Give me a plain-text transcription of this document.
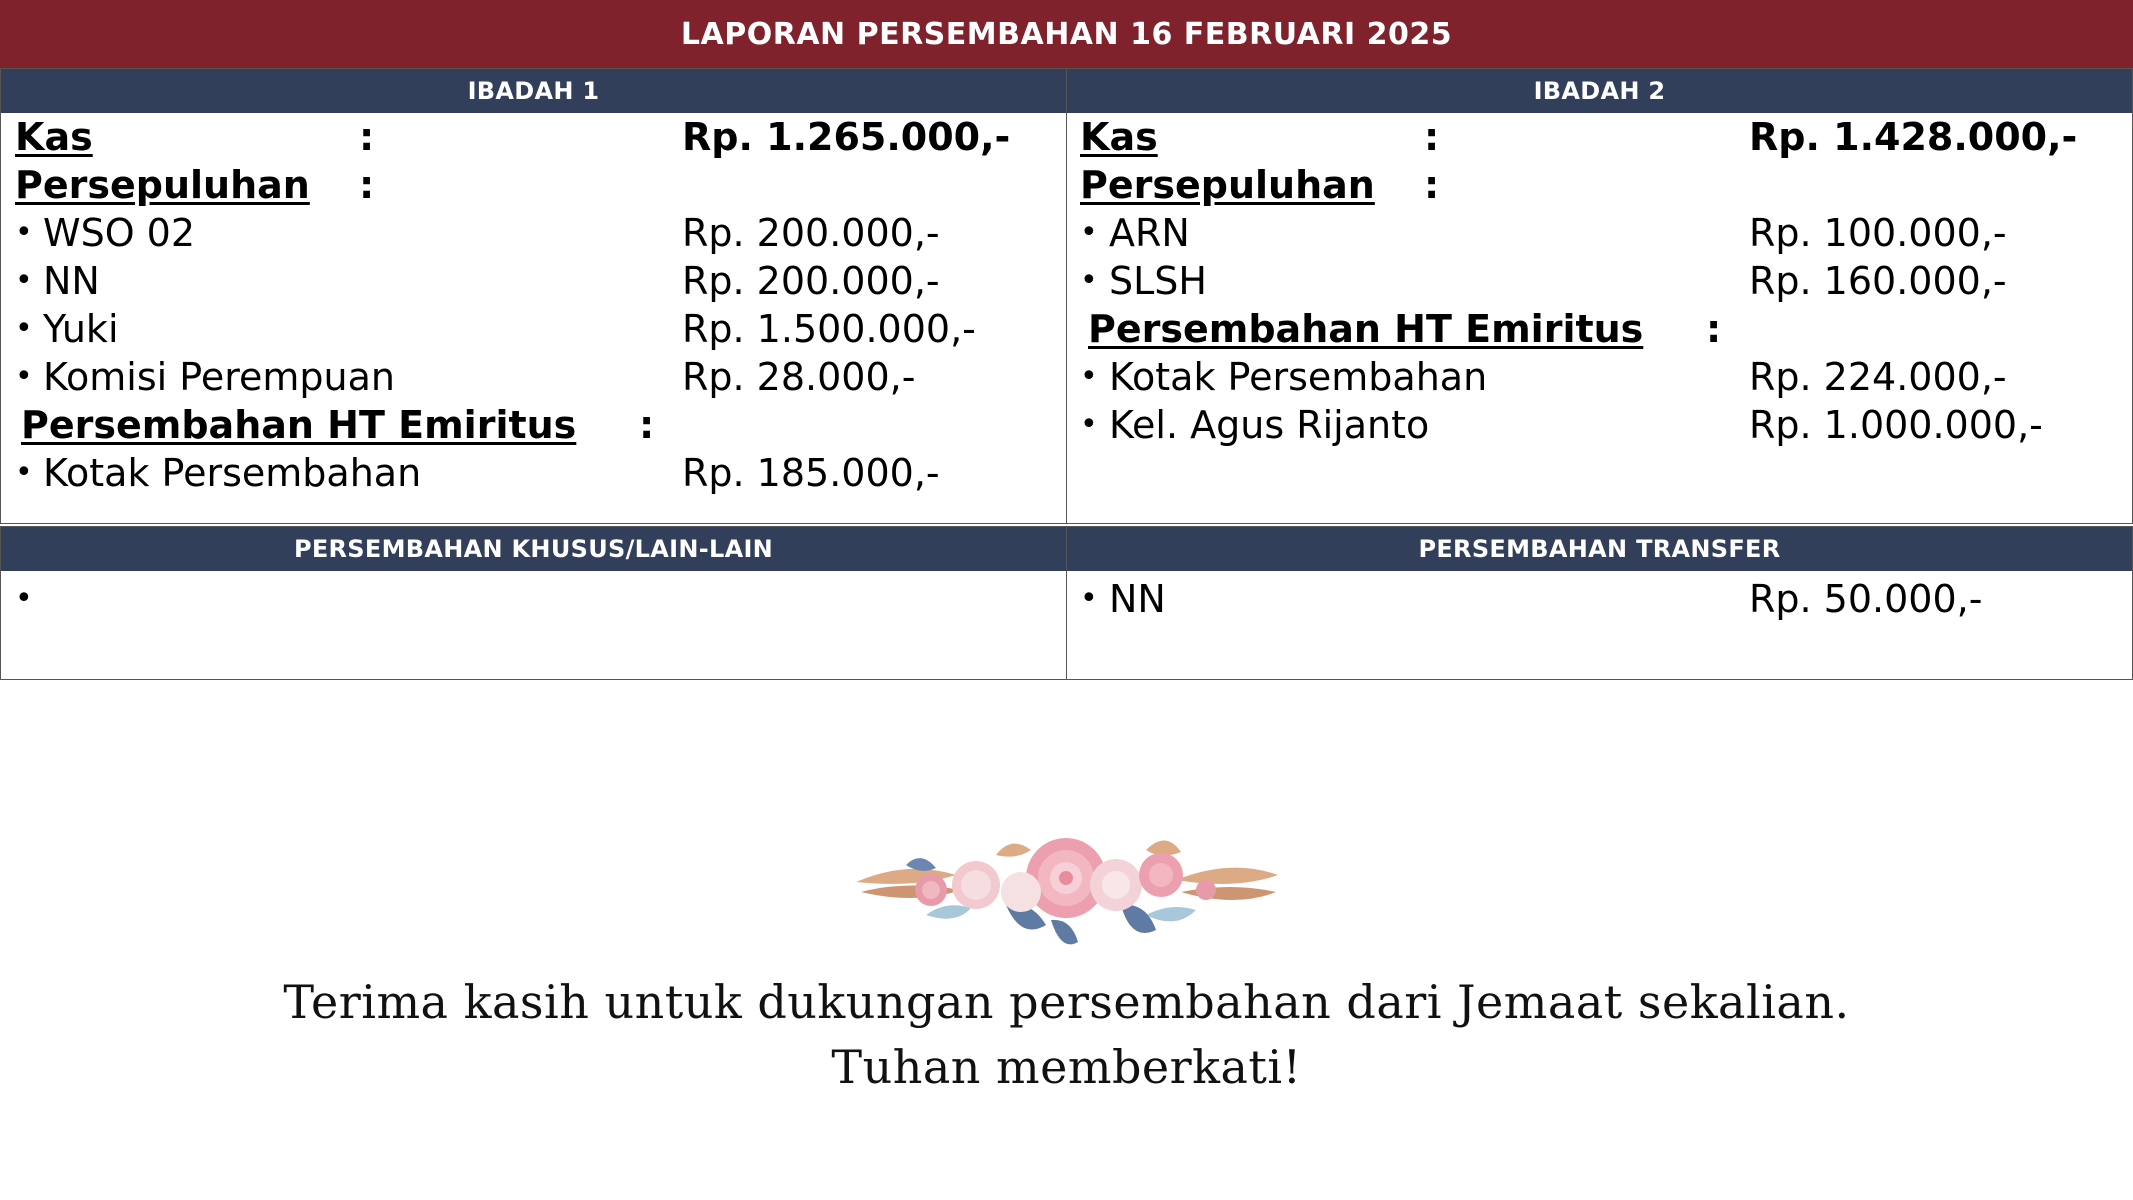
LAPORAN PERSEMBAHAN 16 FEBRUARI 2025
IBADAH 1
Kas	:	Rp. 1.265.000,-
Persepuluhan :
• WSO 02	Rp. 200.000,-
• NN	Rp. 200.000,-
• Yuki	Rp. 1.500.000,-
• Komisi Perempuan	Rp. 28.000,-
Persembahan HT Emiritus :
• Kotak Persembahan	Rp. 185.000,-
IBADAH 2
Kas	:	Rp. 1.428.000,-
Persepuluhan :
• ARN	Rp. 100.000,-
• SLSH	Rp. 160.000,-
Persembahan HT Emiritus :
• Kotak Persembahan	Rp. 224.000,-
• Kel. Agus Rijanto	Rp. 1.000.000,-
PERSEMBAHAN KHUSUS/LAIN-LAIN
•
PERSEMBAHAN TRANSFER
• NN	Rp. 50.000,-
Terima kasih untuk dukungan persembahan dari Jemaat sekalian.
Tuhan memberkati!
